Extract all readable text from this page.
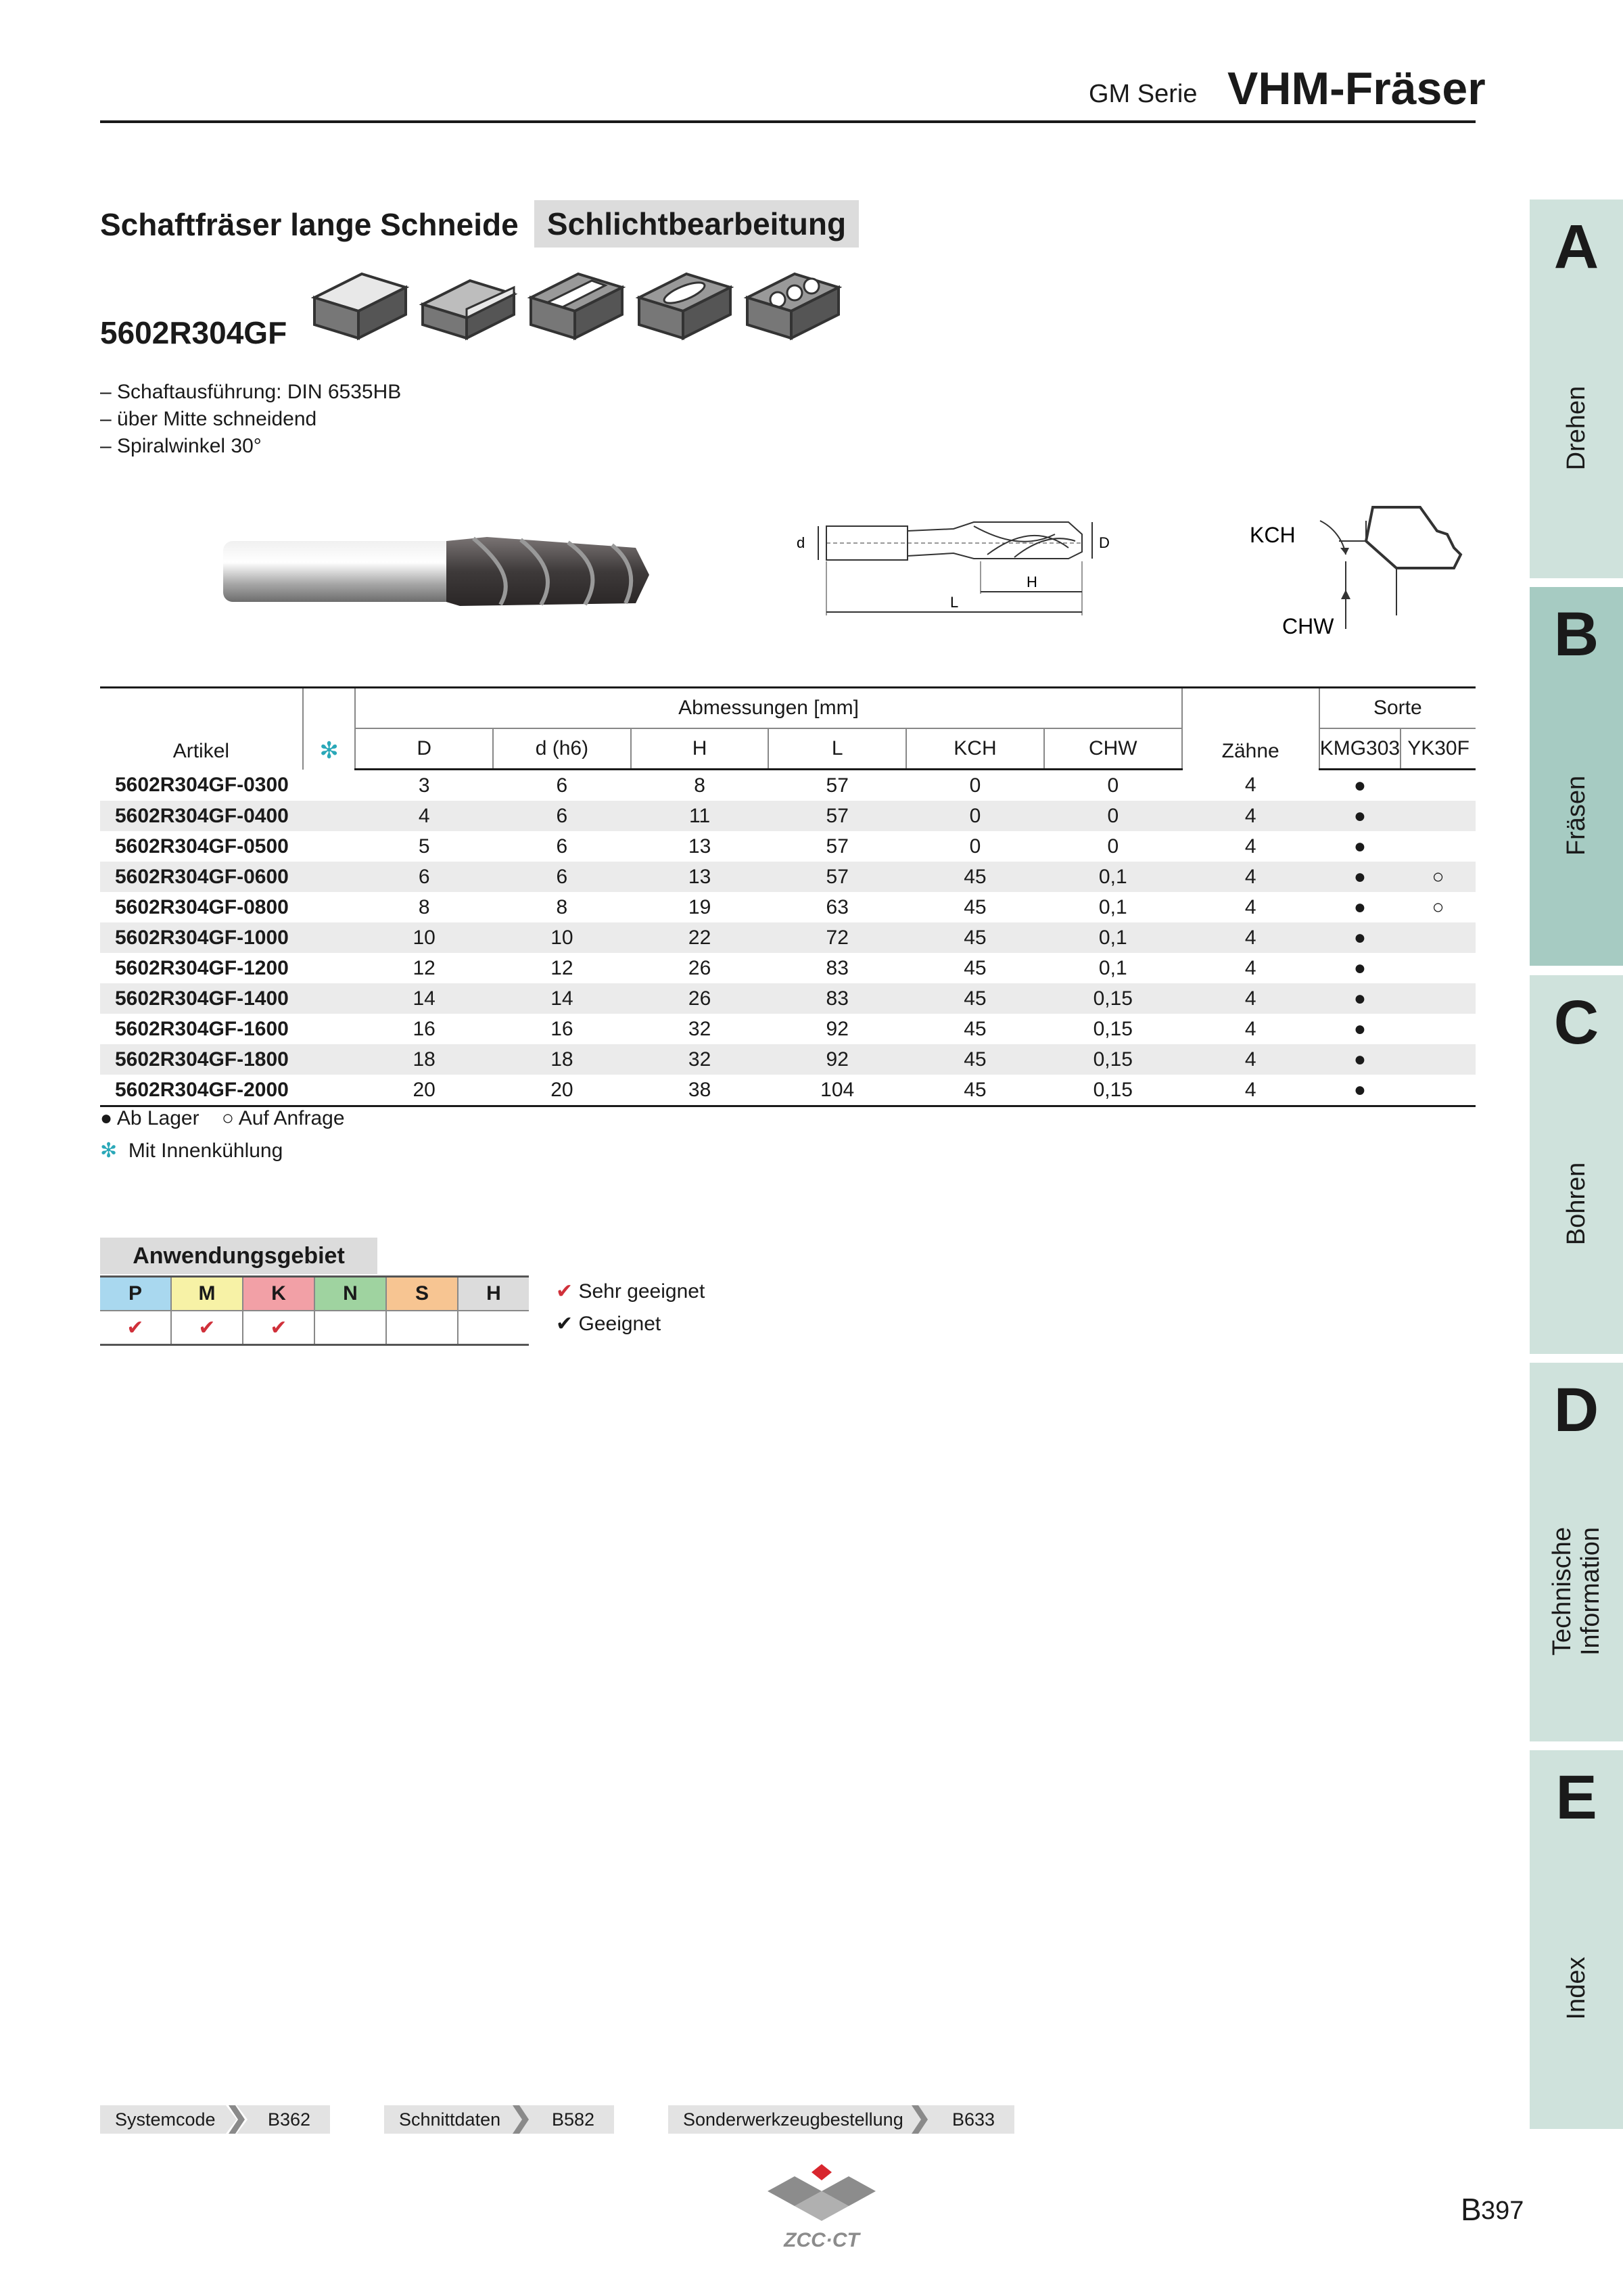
GM Serie VHM-Fräser
Schaftfräser lange Schneide Schlichtbearbeitung
5602R304GF
– Schaftausführung: DIN 6535HB
– über Mitte schneidend
– Spiralwinkel 30°
d	D
H
L
KCH
CHW
Artikel	✻	Abmessungen [mm]						Zähne	Sorte	
		D	d (h6)	H	L	KCH	CHW		KMG303	YK30F
5602R304GF-0300		3	6	8	57	0	0	4	●	
5602R304GF-0400		4	6	11	57	0	0	4	●	
5602R304GF-0500		5	6	13	57	0	0	4	●	
5602R304GF-0600		6	6	13	57	45	0,1	4	●	○
5602R304GF-0800		8	8	19	63	45	0,1	4	●	○
5602R304GF-1000		10	10	22	72	45	0,1	4	●	
5602R304GF-1200		12	12	26	83	45	0,1	4	●	
5602R304GF-1400		14	14	26	83	45	0,15	4	●	
5602R304GF-1600		16	16	32	92	45	0,15	4	●	
5602R304GF-1800		18	18	32	92	45	0,15	4	●	
5602R304GF-2000		20	20	38	104	45	0,15	4	●	
● Ab Lager ○ Auf Anfrage
✻ Mit Innenkühlung
Anwendungsgebiet
P	M	K	N	S	H
✔	✔	✔			
✔ Sehr geeignet
✔ Geeignet
A
Drehen
B
Fräsen
C
Bohren
D
Technische Information
E
Index
Systemcode	B362	Schnittdaten	B582	Sonderwerkzeugbestellung	B633
ZCC·CT
B 397
